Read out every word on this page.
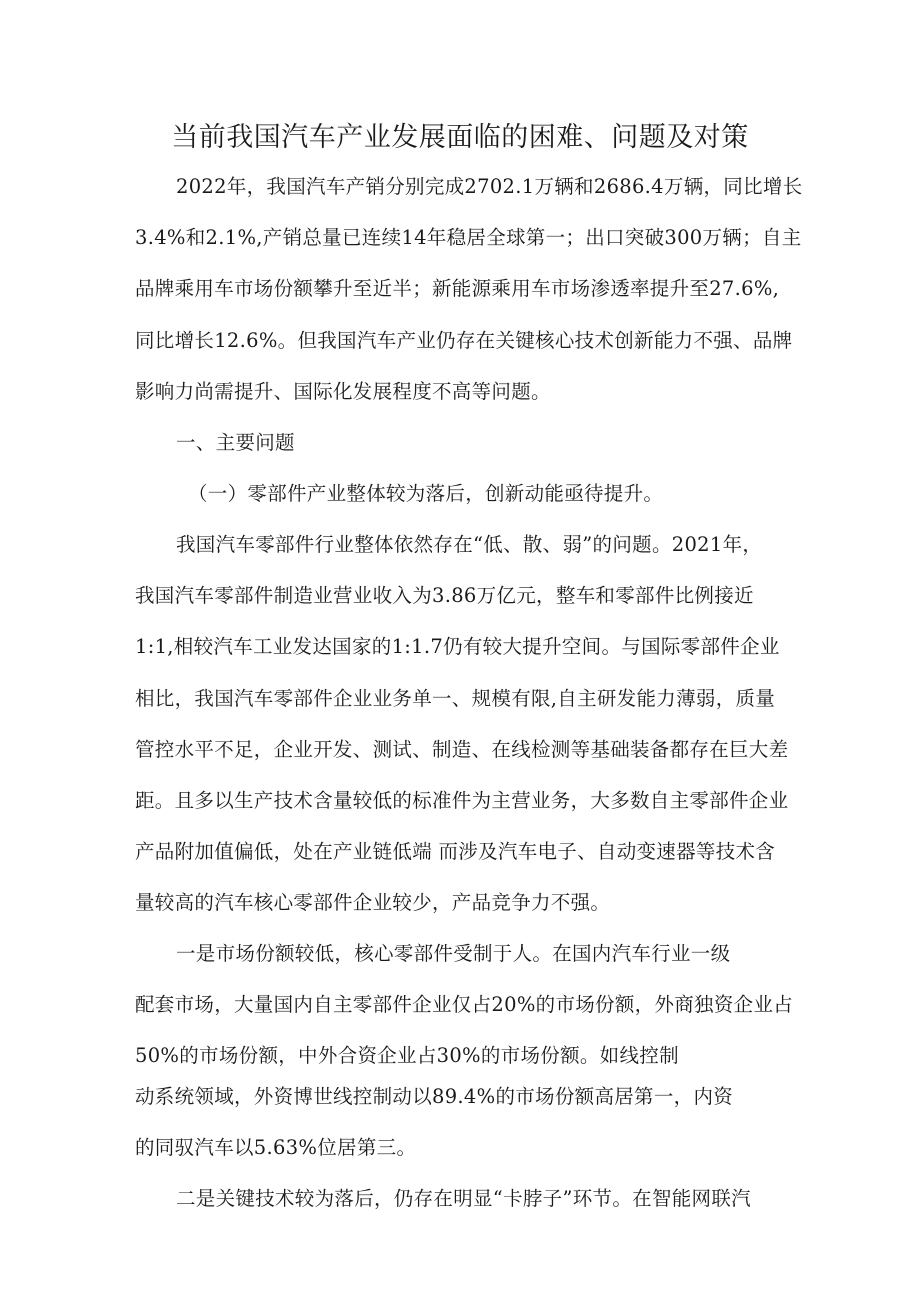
当前我国汽车产业发展面临的困难、问题及对策
2022年，我国汽车产销分别完成2702.1万辆和2686.4万辆，同比增长
3.4%和2.1%,产销总量已连续14年稳居全球第一；出口突破300万辆；自主
品牌乘用车市场份额攀升至近半；新能源乘用车市场渗透率提升至27.6%,
同比增长12.6%。但我国汽车产业仍存在关键核心技术创新能力不强、品牌
影响力尚需提升、国际化发展程度不高等问题。
一、主要问题
（一）零部件产业整体较为落后，创新动能亟待提升。
我国汽车零部件行业整体依然存在“低、散、弱”的问题。2021年，
我国汽车零部件制造业营业收入为3.86万亿元，整车和零部件比例接近
1:1,相较汽车工业发达国家的1:1.7仍有较大提升空间。与国际零部件企业
相比，我国汽车零部件企业业务单一、规模有限,自主研发能力薄弱，质量
管控水平不足，企业开发、测试、制造、在线检测等基础装备都存在巨大差
距。且多以生产技术含量较低的标准件为主营业务，大多数自主零部件企业
产品附加值偏低，处在产业链低端 而涉及汽车电子、自动变速器等技术含
量较高的汽车核心零部件企业较少，产品竞争力不强。
一是市场份额较低，核心零部件受制于人。在国内汽车行业一级
配套市场，大量国内自主零部件企业仅占20%的市场份额，外商独资企业占
50%的市场份额，中外合资企业占30%的市场份额。如线控制
动系统领域，外资博世线控制动以89.4%的市场份额高居第一，内资
的同驭汽车以5.63%位居第三。
二是关键技术较为落后，仍存在明显“卡脖子”环节。在智能网联汽
